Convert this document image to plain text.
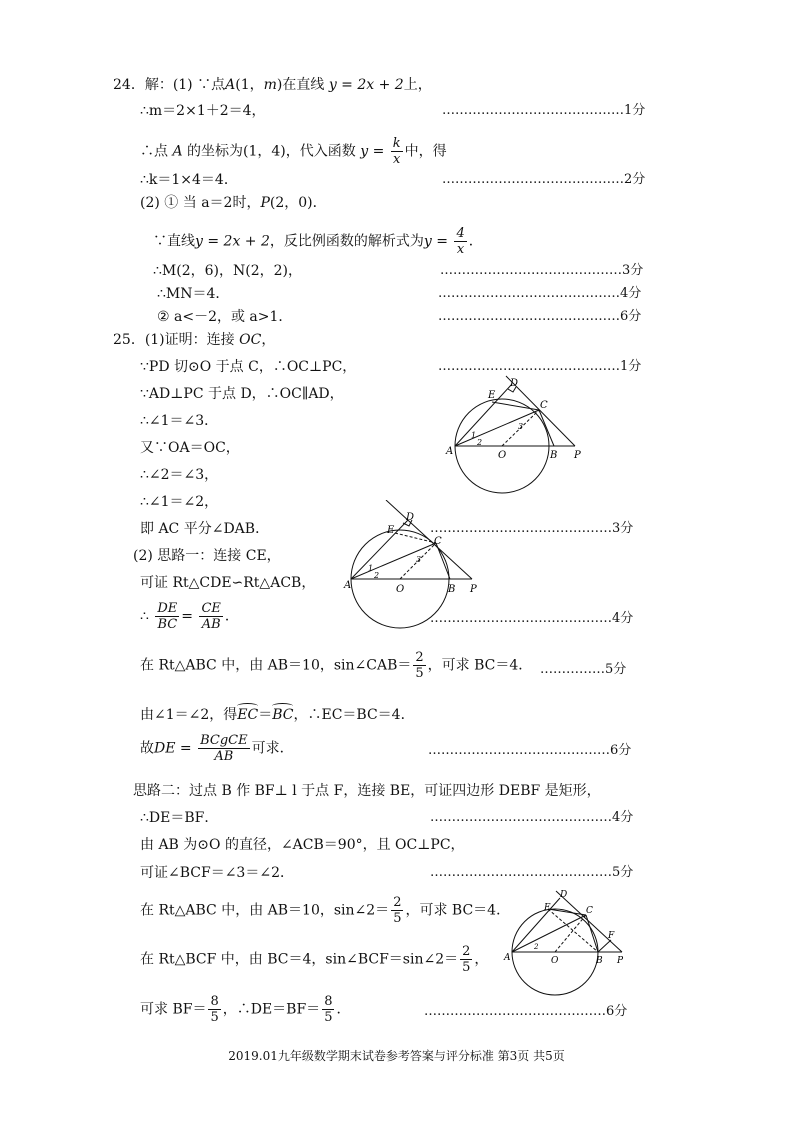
24．解：(1) ∵点A(1，m)在直线 y = 2x + 2上，
∴m＝2×1＋2＝4，	……………………………………1分
∴点 A 的坐标为(1，4)，代入函数 $y = \frac{k}{x}$ 中，得
∴k＝1×4＝4．	……………………………………2分
(2) ① 当 a＝2时，P(2，0)．
∵直线y = 2x + 2，反比例函数的解析式为$y = \frac{4}{x}$ ．
∴M(2，6)，N(2，2)，	……………………………………3分
∴MN＝4．	……………………………………4分
② a<－2，或 a>1．	……………………………………6分
25．(1)证明：连接 OC，
∵PD 切⊙O 于点 C，∴OC⊥PC，	……………………………………1分
∵AD⊥PC 于点 D，∴OC∥AD，
∴∠1＝∠3．
又∵OA＝OC，
∴∠2＝∠3，
∴∠1＝∠2，
即 AC 平分∠DAB．	……………………………………3分
(2) 思路一：连接 CE，
可证 Rt△CDE∽Rt△ACB，
∴ $\frac{DE}{BC} = \frac{CE}{AB}$ ．	……………………………………4分
在 Rt△ABC 中，由 AB＝10，sin∠CAB＝ $\frac{2}{5}$ ，可求 BC＝4． ……………5分
由∠1＝∠2，得EC＝BC，∴EC＝BC＝4．
故DE = $\frac{\text{BCgCE}}{AB}$ 可求．	……………………………………6分
思路二：过点 B 作 BF⊥ l 于点 F，连接 BE，可证四边形 DEBF 是矩形，
∴DE＝BF．	……………………………………4分
由 AB 为⊙O 的直径，∠ACB＝90°，且 OC⊥PC，
可证∠BCF＝∠3＝∠2．	……………………………………5分
在 Rt△ABC 中，由 AB＝10，sin∠2＝ $\frac{2}{5}$ ，可求 BC＝4．
在 Rt△BCF 中，由 BC＝4，sin∠BCF＝sin∠2＝ $\frac{2}{5}$ ，
可求 $BF= \frac{8}{5}$ ，∴DE＝BF＝ $\frac{8}{5}$ ．	……………………………………6分
A	O	B P
C
D
E
1
2
3
A	O	B P
C
D
E
1
2
3
A	O	B P
C
D
E
F
2
2019.01九年级数学期末试卷参考答案与评分标准 第3页 共5页
